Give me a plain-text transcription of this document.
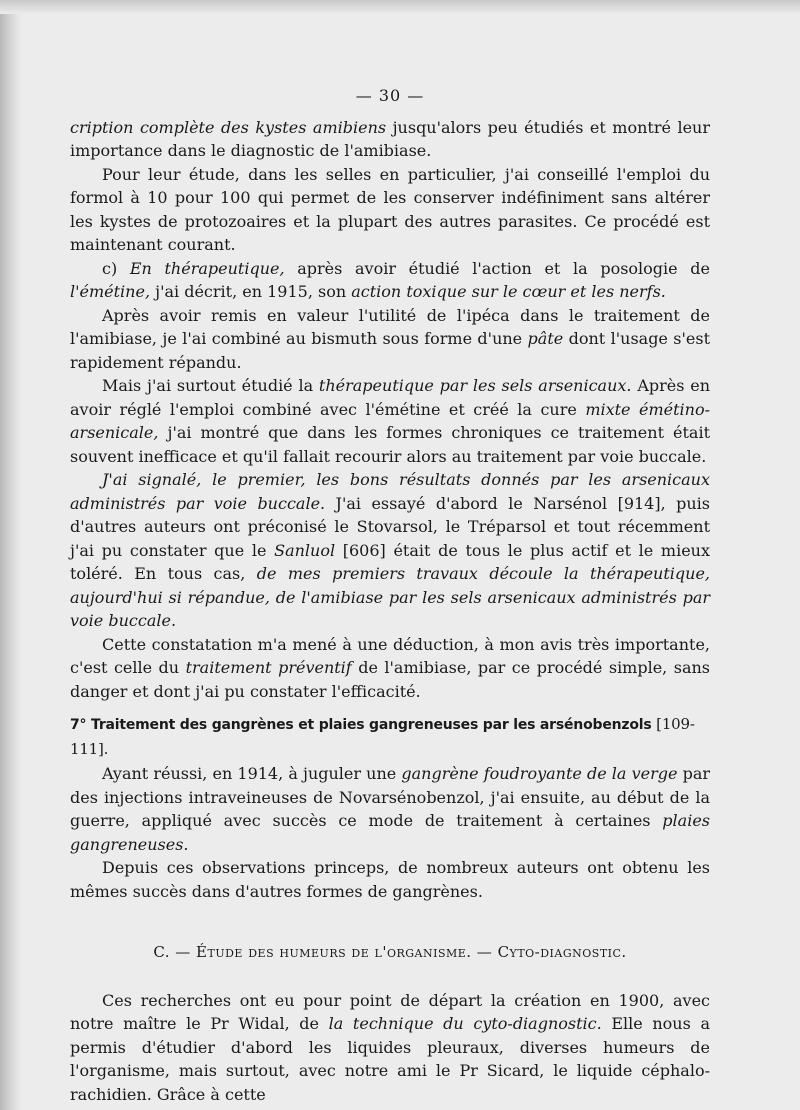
— 30 —

cription complète des kystes amibiens jusqu'alors peu étudiés et montré leur importance dans le diagnostic de l'amibiase.

Pour leur étude, dans les selles en particulier, j'ai conseillé l'emploi du formol à 10 pour 100 qui permet de les conserver indéfiniment sans altérer les kystes de protozoaires et la plupart des autres parasites. Ce procédé est maintenant courant.

c) En thérapeutique, après avoir étudié l'action et la posologie de l'émétine, j'ai décrit, en 1915, son action toxique sur le cœur et les nerfs.

Après avoir remis en valeur l'utilité de l'ipéca dans le traitement de l'amibiase, je l'ai combiné au bismuth sous forme d'une pâte dont l'usage s'est rapidement répandu.

Mais j'ai surtout étudié la thérapeutique par les sels arsenicaux. Après en avoir réglé l'emploi combiné avec l'émétine et créé la cure mixte émétino-arsenicale, j'ai montré que dans les formes chroniques ce traitement était souvent inefficace et qu'il fallait recourir alors au traitement par voie buccale.

J'ai signalé, le premier, les bons résultats donnés par les arsenicaux administrés par voie buccale. J'ai essayé d'abord le Narsénol [914], puis d'autres auteurs ont préconisé le Stovarsol, le Tréparsol et tout récemment j'ai pu constater que le Sanluol [606] était de tous le plus actif et le mieux toléré. En tous cas, de mes premiers travaux découle la thérapeutique, aujourd'hui si répandue, de l'amibiase par les sels arsenicaux administrés par voie buccale.

Cette constatation m'a mené à une déduction, à mon avis très importante, c'est celle du traitement préventif de l'amibiase, par ce procédé simple, sans danger et dont j'ai pu constater l'efficacité.

7° Traitement des gangrènes et plaies gangreneuses par les arsénobenzols [109-111].

Ayant réussi, en 1914, à juguler une gangrène foudroyante de la verge par des injections intraveineuses de Novarsénobenzol, j'ai ensuite, au début de la guerre, appliqué avec succès ce mode de traitement à certaines plaies gangreneuses.

Depuis ces observations princeps, de nombreux auteurs ont obtenu les mêmes succès dans d'autres formes de gangrènes.

C. — Étude des humeurs de l'organisme. — Cyto-diagnostic.

Ces recherches ont eu pour point de départ la création en 1900, avec notre maître le Pr Widal, de la technique du cyto-diagnostic. Elle nous a permis d'étudier d'abord les liquides pleuraux, diverses humeurs de l'organisme, mais surtout, avec notre ami le Pr Sicard, le liquide céphalo-rachidien. Grâce à cette
